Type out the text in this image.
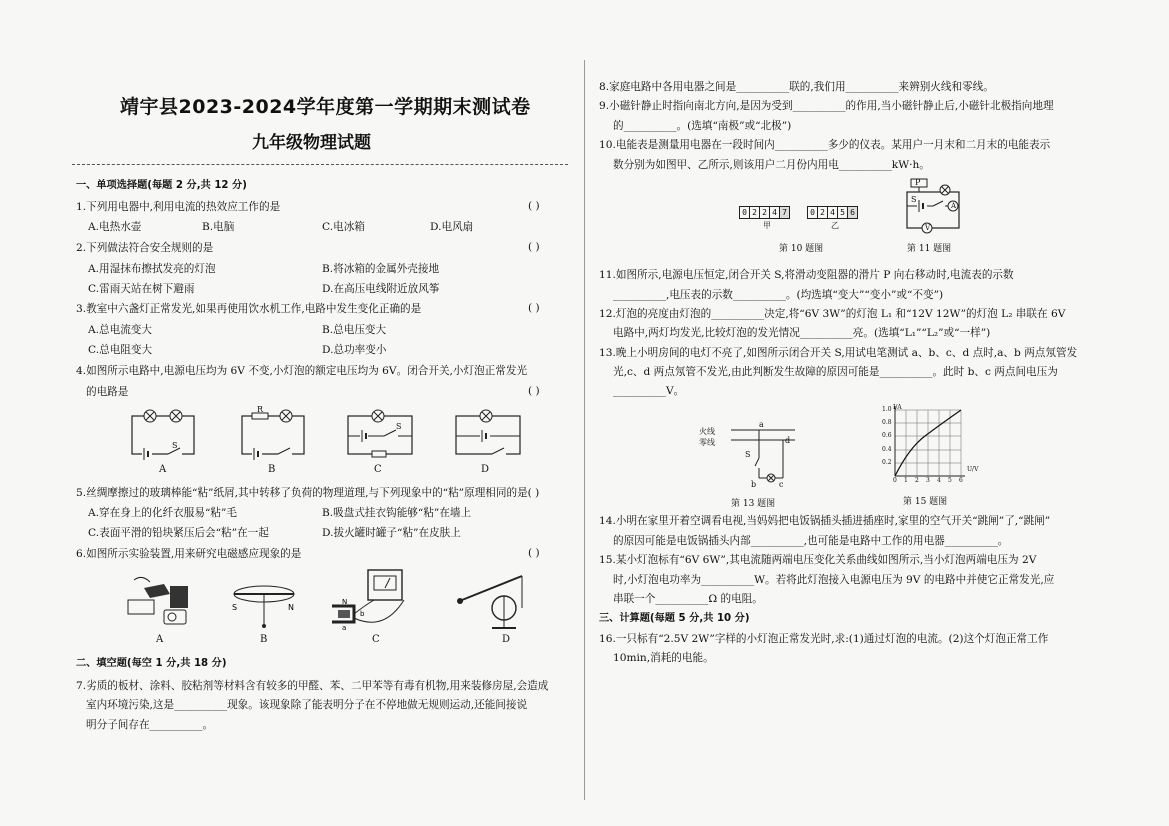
靖宇县2023-2024学年度第一学期期末测试卷
九年级物理试题
一、单项选择题(每题 2 分,共 12 分)
1.下列用电器中,利用电流的热效应工作的是	( )
A.电热水壶	B.电脑	C.电冰箱	D.电风扇
2.下列做法符合安全规则的是	( )
A.用湿抹布擦拭发亮的灯泡	B.将冰箱的金属外壳接地
C.雷雨天站在树下避雨	D.在高压电线附近放风筝
3.教室中六盏灯正常发光,如果再使用饮水机工作,电路中发生变化正确的是	( )
A.总电流变大	B.总电压变大
C.总电阻变大	D.总功率变小
4.如图所示电路中,电源电压均为 6V 不变,小灯泡的额定电压均为 6V。闭合开关,小灯泡正常发光
的电路是	( )
S
A
R
B
S
C	D
5.丝绸摩擦过的玻璃棒能“粘”纸屑,其中转移了负荷的物理道理,与下列现象中的“粘”原理相同的是( )
A.穿在身上的化纤衣服易“粘”毛	B.吸盘式挂衣钩能够“粘”在墙上
C.表面平滑的铅块紧压后会“粘”在一起	D.拔火罐时罐子“粘”在皮肤上
6.如图所示实验装置,用来研究电磁感应现象的是	( )
A
S	N
B
N
a
b
C	D
二、填空题(每空 1 分,共 18 分)
7.劣质的板材、涂料、胶粘剂等材料含有较多的甲醛、苯、二甲苯等有毒有机物,用来装修房屋,会造成
室内环境污染,这是__________现象。该现象除了能表明分子在不停地做无规则运动,还能间接说
明分子间存在__________。
8.家庭电路中各用电器之间是__________联的,我们用__________来辨别火线和零线。
9.小磁针静止时指向南北方向,是因为受到__________的作用,当小磁针静止后,小磁针北极指向地理
的__________。(选填“南极”或“北极”)
10.电能表是测量用电器在一段时间内__________多少的仪表。某用户一月末和二月末的电能表示
数分别为如图甲、乙所示,则该用户二月份内用电__________kW·h。
0 2 2 4 7
甲
0 2 4 5 6
乙
第 10 题图
P
S
A
V
第 11 题图
11.如图所示,电源电压恒定,闭合开关 S,将滑动变阻器的滑片 P 向右移动时,电流表的示数
__________,电压表的示数__________。(均选填“变大”“变小”或“不变”)
12.灯泡的亮度由灯泡的__________决定,将“6V 3W”的灯泡 L₁ 和“12V 12W”的灯泡 L₂ 串联在 6V
电路中,两灯均发光,比较灯泡的发光情况__________亮。(选填“L₁”“L₂”或“一样”)
13.晚上小明房间的电灯不亮了,如图所示闭合开关 S,用试电笔测试 a、b、c、d 点时,a、b 两点氖管发
光,c、d 两点氖管不发光,由此判断发生故障的原因可能是__________。此时 b、c 两点间电压为
__________V。
火线
零线
a
d
S
b	c
第 13 题图
I/A
1.0
0.8
0.6
0.4
0.2
0 1 2 3 4 5 6
U/V
第 15 题图
14.小明在家里开着空调看电视,当妈妈把电饭锅插头插进插座时,家里的空气开关“跳闸”了,“跳闸”
的原因可能是电饭锅插头内部__________,也可能是电路中工作的用电器__________。
15.某小灯泡标有“6V 6W”,其电流随两端电压变化关系曲线如图所示,当小灯泡两端电压为 2V
时,小灯泡电功率为__________W。若将此灯泡接入电源电压为 9V 的电路中并使它正常发光,应
串联一个__________Ω 的电阻。
三、计算题(每题 5 分,共 10 分)
16.一只标有“2.5V 2W”字样的小灯泡正常发光时,求:(1)通过灯泡的电流。(2)这个灯泡正常工作
10min,消耗的电能。
